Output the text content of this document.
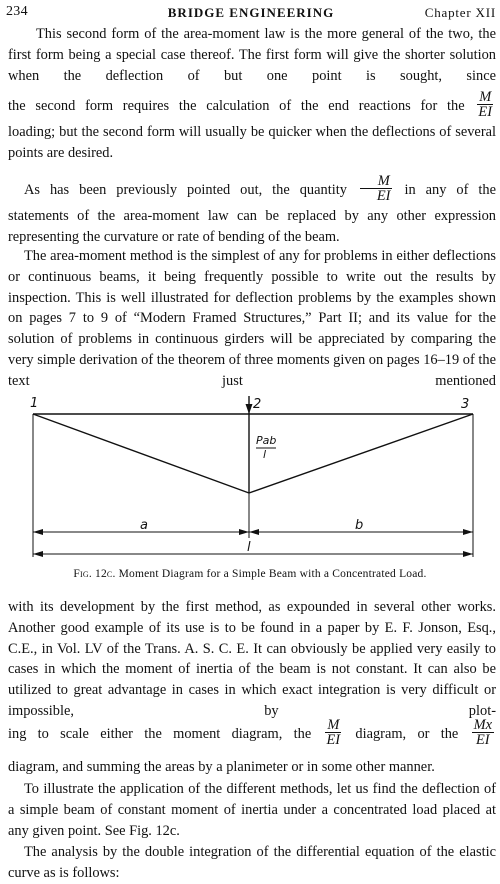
234	BRIDGE ENGINEERING	Chapter XII

This second form of the area-moment law is the more general of the two, the first form being a special case thereof. The first form will give the shorter solution when the deflection of but one point is sought, since

the second form requires the calculation of the end reactions for the $\frac{M}{EI}$

loading; but the second form will usually be quicker when the deflections of several points are desired.

As has been previously pointed out, the quantity $\frac{M}{EI}$ in any of the

statements of the area-moment law can be replaced by any other expression representing the curvature or rate of bending of the beam.

The area-moment method is the simplest of any for problems in either deflections or continuous beams, it being frequently possible to write out the results by inspection. This is well illustrated for deflection problems by the examples shown on pages 7 to 9 of “Modern Framed Structures,” Part II; and its value for the solution of problems in continuous girders will be appreciated by comparing the very simple derivation of the theorem of three moments given on pages 16–19 of the text just mentioned

1	2	3
Pab
l
a	b
l
Fig. 12c. Moment Diagram for a Simple Beam with a Concentrated Load.

with its development by the first method, as expounded in several other works. Another good example of its use is to be found in a paper by E. F. Jonson, Esq., C.E., in Vol. LV of the Trans. A. S. C. E. It can obviously be applied very easily to cases in which the moment of inertia of the beam is not constant. It can also be utilized to great advantage in cases in which exact integration is very difficult or impossible, by plot-

ing to scale either the moment diagram, the $\frac{M}{EI}$ diagram, or the $\frac{Mx}{EI}$

diagram, and summing the areas by a planimeter or in some other manner.

To illustrate the application of the different methods, let us find the deflection of a simple beam of constant moment of inertia under a concentrated load placed at any given point. See Fig. 12c.

The analysis by the double integration of the differential equation of the elastic curve as is follows:
